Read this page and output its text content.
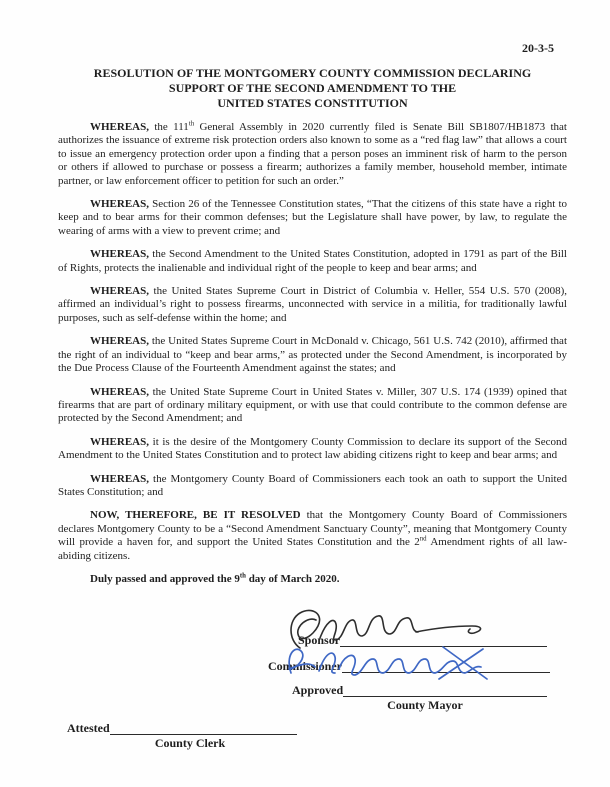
20-3-5
RESOLUTION OF THE MONTGOMERY COUNTY COMMISSION DECLARING
SUPPORT OF THE SECOND AMENDMENT TO THE
UNITED STATES CONSTITUTION

WHEREAS, the 111th General Assembly in 2020 currently filed is Senate Bill SB1807/HB1873 that authorizes the issuance of extreme risk protection orders also known to some as a “red flag law” that allows a court to issue an emergency protection order upon a finding that a person poses an imminent risk of harm to the person or others if allowed to purchase or possess a firearm; authorizes a family member, household member, intimate partner, or law enforcement officer to petition for such an order.”

WHEREAS, Section 26 of the Tennessee Constitution states, “That the citizens of this state have a right to keep and to bear arms for their common defenses; but the Legislature shall have power, by law, to regulate the wearing of arms with a view to prevent crime; and

WHEREAS, the Second Amendment to the United States Constitution, adopted in 1791 as part of the Bill of Rights, protects the inalienable and individual right of the people to keep and bear arms; and

WHEREAS, the United States Supreme Court in District of Columbia v. Heller, 554 U.S. 570 (2008), affirmed an individual’s right to possess firearms, unconnected with service in a militia, for traditionally lawful purposes, such as self-defense within the home; and

WHEREAS, the United States Supreme Court in McDonald v. Chicago, 561 U.S. 742 (2010), affirmed that the right of an individual to “keep and bear arms,” as protected under the Second Amendment, is incorporated by the Due Process Clause of the Fourteenth Amendment against the states; and

WHEREAS, the United State Supreme Court in United States v. Miller, 307 U.S. 174 (1939) opined that firearms that are part of ordinary military equipment, or with use that could contribute to the common defense are protected by the Second Amendment; and

WHEREAS, it is the desire of the Montgomery County Commission to declare its support of the Second Amendment to the United States Constitution and to protect law abiding citizens right to keep and bear arms; and

WHEREAS, the Montgomery County Board of Commissioners each took an oath to support the United States Constitution; and

NOW, THEREFORE, BE IT RESOLVED that the Montgomery County Board of Commissioners declares Montgomery County to be a “Second Amendment Sanctuary County”, meaning that Montgomery County will provide a haven for, and support the United States Constitution and the 2nd Amendment rights of all law-abiding citizens.

Duly passed and approved the 9th day of March 2020.

Sponsor
Commissioner
Approved
County Mayor
Attested
County Clerk
